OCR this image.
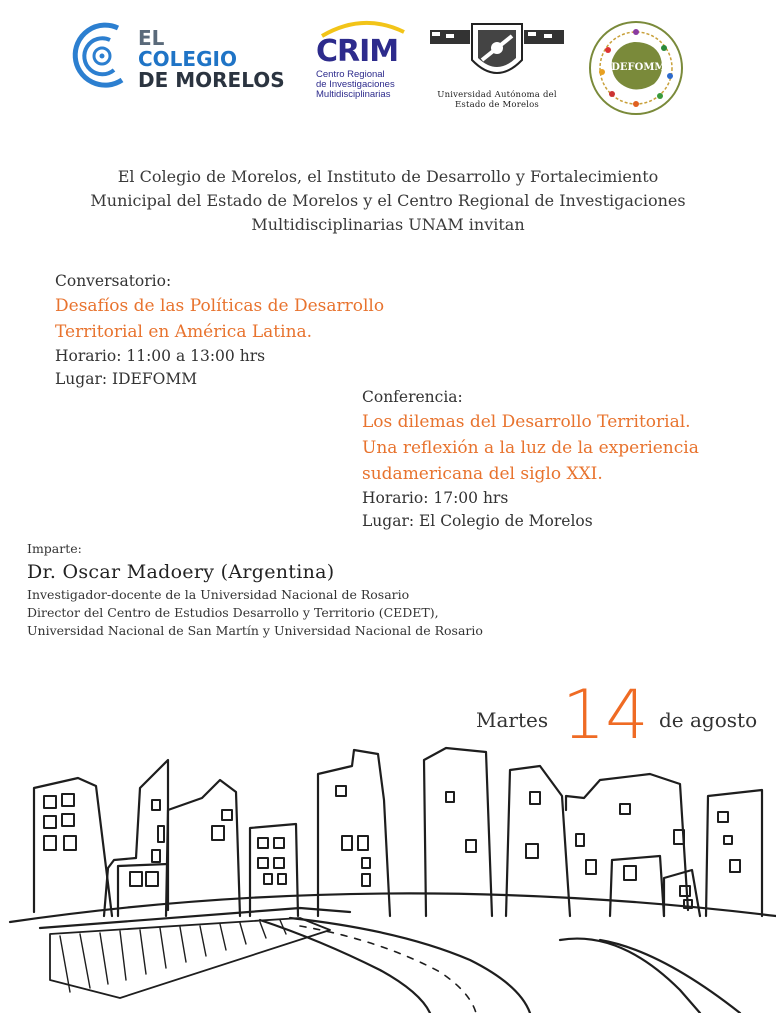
EL
COLEGIO
DE MORELOS
CRIM
Centro Regional
de Investigaciones
Multidisciplinarias	Universidad Autónoma del
Estado de Morelos
IDEFOMM
El Colegio de Morelos, el Instituto de Desarrollo y Fortalecimiento
Municipal del Estado de Morelos y el Centro Regional de Investigaciones
Multidisciplinarias UNAM invitan
Conversatorio:
Desafíos de las Políticas de Desarrollo
Territorial en América Latina.
Horario: 11:00 a 13:00 hrs
Lugar: IDEFOMM
Conferencia:
Los dilemas del Desarrollo Territorial.
Una reflexión a la luz de la experiencia
sudamericana del siglo XXI.
Horario: 17:00 hrs
Lugar: El Colegio de Morelos
Imparte:
Dr. Oscar Madoery (Argentina)
Investigador-docente de la Universidad Nacional de Rosario
Director del Centro de Estudios Desarrollo y Territorio (CEDET),
Universidad Nacional de San Martín y Universidad Nacional de Rosario
Martes 14 de agosto
